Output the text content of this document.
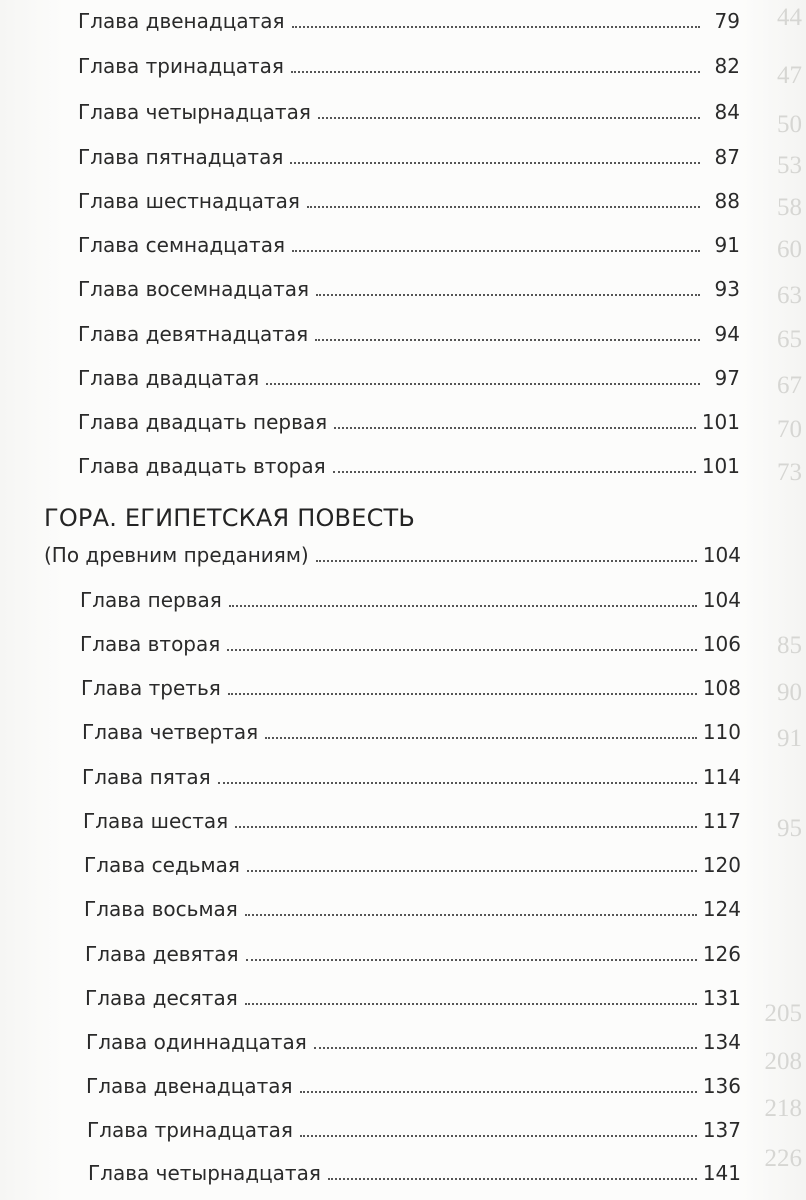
44
47
50
53
58
60
63
65
67
70
73
85
90
91
95
205
208
218
226
Глава двенадцатая	79
Глава тринадцатая	82
Глава четырнадцатая	84
Глава пятнадцатая	87
Глава шестнадцатая	88
Глава семнадцатая	91
Глава восемнадцатая	93
Глава девятнадцатая	94
Глава двадцатая	97
Глава двадцать первая	101
Глава двадцать вторая	101
ГОРА. ЕГИПЕТСКАЯ ПОВЕСТЬ
(По древним преданиям)	104
Глава первая	104
Глава вторая	106
Глава третья	108
Глава четвертая	110
Глава пятая	114
Глава шестая	117
Глава седьмая	120
Глава восьмая	124
Глава девятая	126
Глава десятая	131
Глава одиннадцатая	134
Глава двенадцатая	136
Глава тринадцатая	137
Глава четырнадцатая	141
